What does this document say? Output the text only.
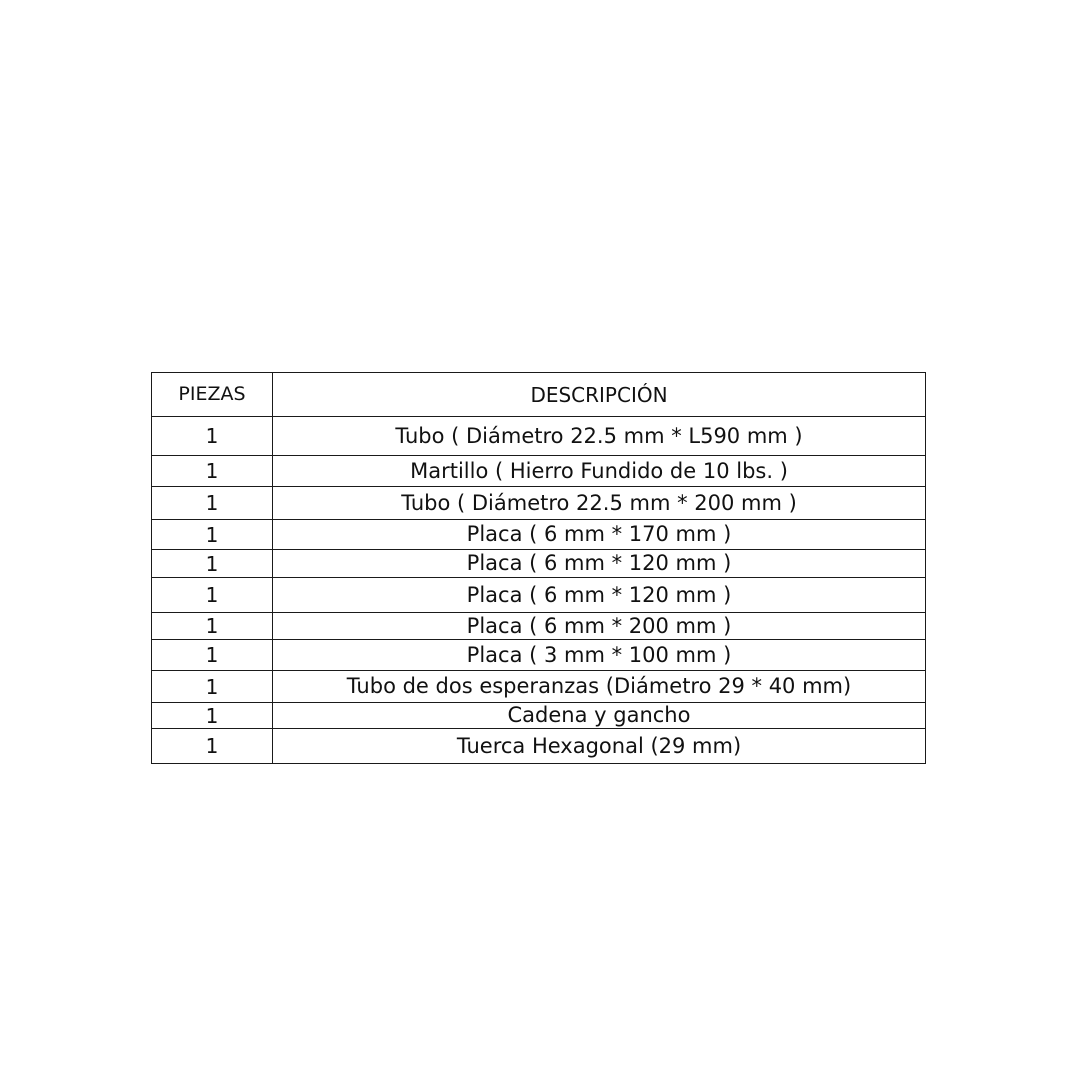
PIEZAS	DESCRIPCIÓN
1	Tubo ( Diámetro 22.5 mm * L590 mm )
1	Martillo ( Hierro Fundido de 10 lbs. )
1	Tubo ( Diámetro 22.5 mm * 200 mm )
1	Placa ( 6 mm * 170 mm )
1	Placa ( 6 mm * 120 mm )
1	Placa ( 6 mm * 120 mm )
1	Placa ( 6 mm * 200 mm )
1	Placa ( 3 mm * 100 mm )
1	Tubo de dos esperanzas (Diámetro 29 * 40 mm)
1	Cadena y gancho
1	Tuerca Hexagonal (29 mm)
